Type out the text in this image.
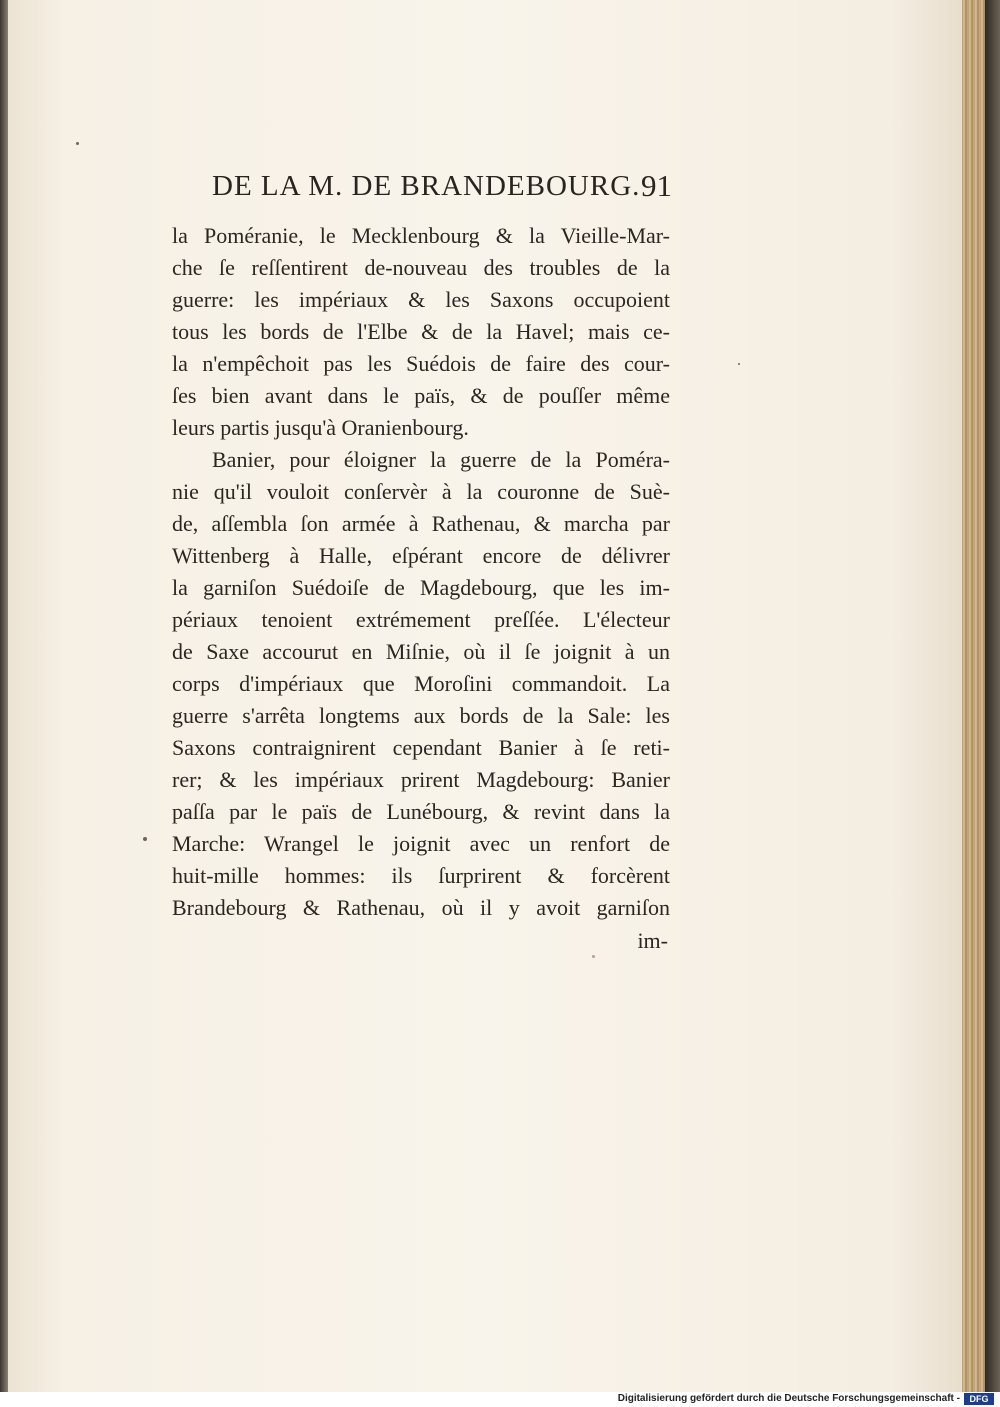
DE LA M. DE BRANDEBOURG. 91
la Poméranie, le Mecklenbourg & la Vieille-Mar-
che ſe reſſentirent de-nouveau des troubles de la
guerre: les impériaux & les Saxons occupoient
tous les bords de l'Elbe & de la Havel; mais ce-
la n'empêchoit pas les Suédois de faire des cour-
ſes bien avant dans le païs, & de pouſſer même
leurs partis jusqu'à Oranienbourg.
Banier, pour éloigner la guerre de la Poméra-
nie qu'il vouloit conſervèr à la couronne de Suè-
de, aſſembla ſon armée à Rathenau, & marcha par
Wittenberg à Halle, eſpérant encore de délivrer
la garniſon Suédoiſe de Magdebourg, que les im-
périaux tenoient extrémement preſſée. L'électeur
de Saxe accourut en Miſnie, où il ſe joignit à un
corps d'impériaux que Moroſini commandoit. La
guerre s'arrêta longtems aux bords de la Sale: les
Saxons contraignirent cependant Banier à ſe reti-
rer; & les impériaux prirent Magdebourg: Banier
paſſa par le païs de Lunébourg, & revint dans la
Marche: Wrangel le joignit avec un renfort de
huit-mille hommes: ils ſurprirent & forcèrent
Brandebourg & Rathenau, où il y avoit garniſon
im-
Digitalisierung gefördert durch die Deutsche Forschungsgemeinschaft -	DFG
